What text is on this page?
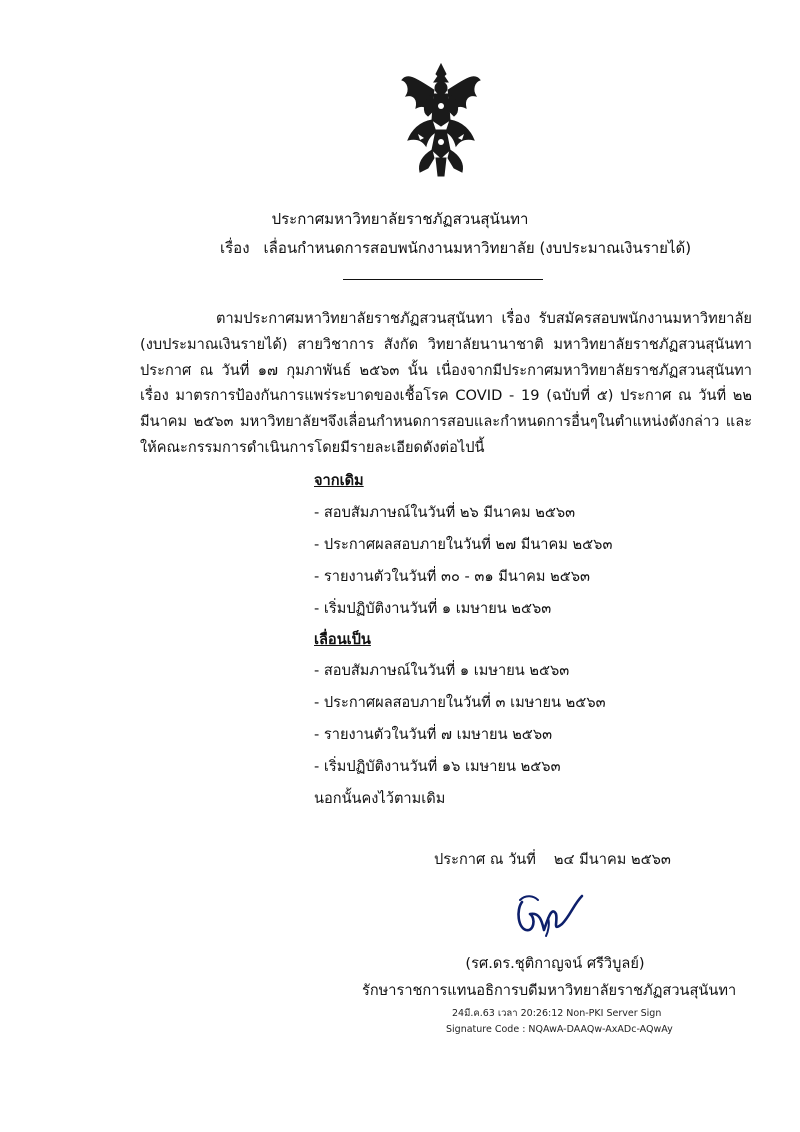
ประกาศมหาวิทยาลัยราชภัฏสวนสุนันทา
เรื่อง เลื่อนกำหนดการสอบพนักงานมหาวิทยาลัย (งบประมาณเงินรายได้)
ตามประกาศมหาวิทยาลัยราชภัฏสวนสุนันทา เรื่อง รับสมัครสอบพนักงานมหาวิทยาลัย (งบประมาณเงินรายได้) สายวิชาการ สังกัด วิทยาลัยนานาชาติ มหาวิทยาลัยราชภัฏสวนสุนันทา ประกาศ ณ วันที่ ๑๗ กุมภาพันธ์ ๒๕๖๓ นั้น เนื่องจากมีประกาศมหาวิทยาลัยราชภัฏสวนสุนันทา เรื่อง มาตรการป้องกันการแพร่ระบาดของเชื้อโรค COVID - 19 (ฉบับที่ ๕) ประกาศ ณ วันที่ ๒๒ มีนาคม ๒๕๖๓ มหาวิทยาลัยฯจึงเลื่อนกำหนดการสอบและกำหนดการอื่นๆในตำแหน่งดังกล่าว และให้คณะกรรมการดำเนินการโดยมีรายละเอียดดังต่อไปนี้
จากเดิม
- สอบสัมภาษณ์ในวันที่ ๒๖ มีนาคม ๒๕๖๓
- ประกาศผลสอบภายในวันที่ ๒๗ มีนาคม ๒๕๖๓
- รายงานตัวในวันที่ ๓๐ - ๓๑ มีนาคม ๒๕๖๓
- เริ่มปฏิบัติงานวันที่ ๑ เมษายน ๒๕๖๓
เลื่อนเป็น
- สอบสัมภาษณ์ในวันที่ ๑ เมษายน ๒๕๖๓
- ประกาศผลสอบภายในวันที่ ๓ เมษายน ๒๕๖๓
- รายงานตัวในวันที่ ๗ เมษายน ๒๕๖๓
- เริ่มปฏิบัติงานวันที่ ๑๖ เมษายน ๒๕๖๓
นอกนั้นคงไว้ตามเดิม
ประกาศ ณ วันที่ ๒๔ มีนาคม ๒๕๖๓
(รศ.ดร.ชุติกาญจน์ ศรีวิบูลย์)
รักษาราชการแทนอธิการบดีมหาวิทยาลัยราชภัฏสวนสุนันทา
24มี.ค.63 เวลา 20:26:12 Non-PKI Server Sign
Signature Code : NQAwA-DAAQw-AxADc-AQwAy
